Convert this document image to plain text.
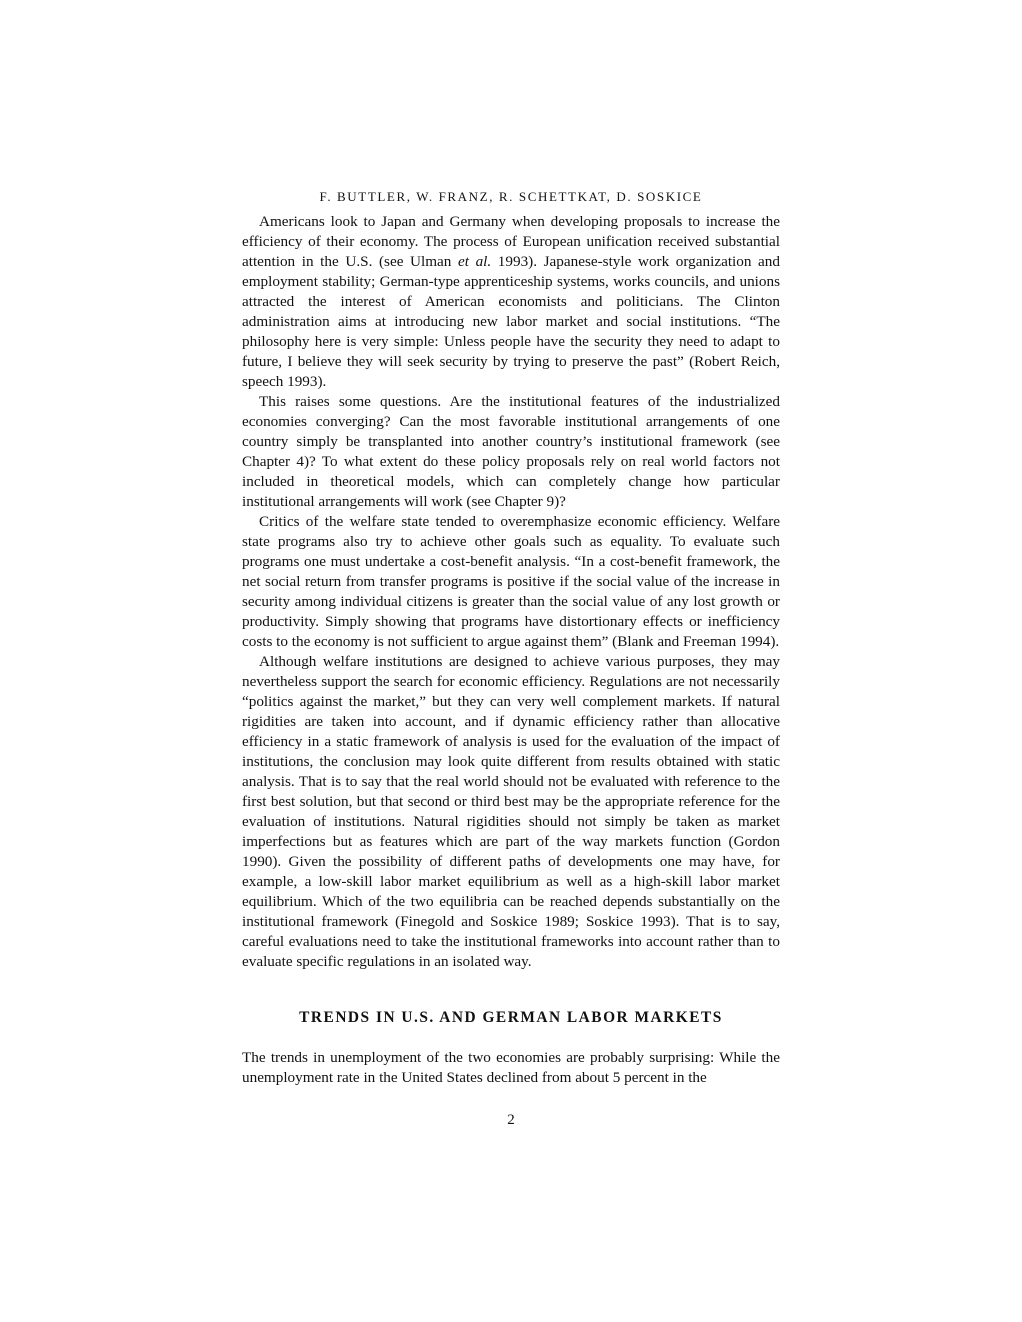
F. BUTTLER, W. FRANZ, R. SCHETTKAT, D. SOSKICE

Americans look to Japan and Germany when developing proposals to increase the efficiency of their economy. The process of European unification received substantial attention in the U.S. (see Ulman et al. 1993). Japanese-style work organization and employment stability; German-type apprenticeship systems, works councils, and unions attracted the interest of American economists and politicians. The Clinton administration aims at introducing new labor market and social institutions. “The philosophy here is very simple: Unless people have the security they need to adapt to future, I believe they will seek security by trying to preserve the past” (Robert Reich, speech 1993).

This raises some questions. Are the institutional features of the industrialized economies converging? Can the most favorable institutional arrangements of one country simply be transplanted into another country’s institutional framework (see Chapter 4)? To what extent do these policy proposals rely on real world factors not included in theoretical models, which can completely change how particular institutional arrangements will work (see Chapter 9)?

Critics of the welfare state tended to overemphasize economic efficiency. Welfare state programs also try to achieve other goals such as equality. To evaluate such programs one must undertake a cost-benefit analysis. “In a cost-benefit framework, the net social return from transfer programs is positive if the social value of the increase in security among individual citizens is greater than the social value of any lost growth or productivity. Simply showing that programs have distortionary effects or inefficiency costs to the economy is not sufficient to argue against them” (Blank and Freeman 1994).

Although welfare institutions are designed to achieve various purposes, they may nevertheless support the search for economic efficiency. Regulations are not necessarily “politics against the market,” but they can very well complement markets. If natural rigidities are taken into account, and if dynamic efficiency rather than allocative efficiency in a static framework of analysis is used for the evaluation of the impact of institutions, the conclusion may look quite different from results obtained with static analysis. That is to say that the real world should not be evaluated with reference to the first best solution, but that second or third best may be the appropriate reference for the evaluation of institutions. Natural rigidities should not simply be taken as market imperfections but as features which are part of the way markets function (Gordon 1990). Given the possibility of different paths of developments one may have, for example, a low-skill labor market equilibrium as well as a high-skill labor market equilibrium. Which of the two equilibria can be reached depends substantially on the institutional framework (Finegold and Soskice 1989; Soskice 1993). That is to say, careful evaluations need to take the institutional frameworks into account rather than to evaluate specific regulations in an isolated way.

TRENDS IN U.S. AND GERMAN LABOR MARKETS

The trends in unemployment of the two economies are probably surprising: While the unemployment rate in the United States declined from about 5 percent in the

2
